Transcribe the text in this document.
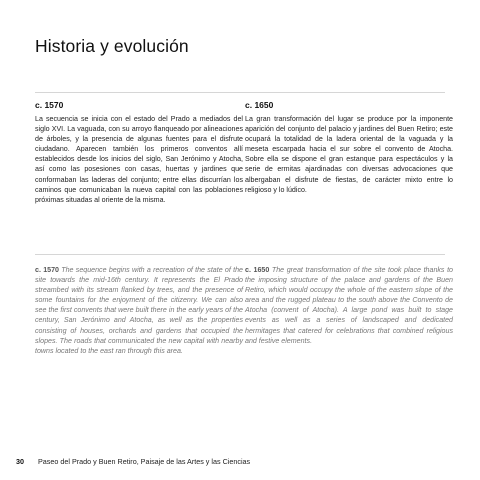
Historia y evolución

c. 1570

La secuencia se inicia con el estado del Prado a mediados del siglo XVI. La vaguada, con su arroyo flanqueado por alineaciones de árboles, y la presencia de algunas fuentes para el disfrute ciudadano. Aparecen también los primeros conventos allí establecidos desde los inicios del siglo, San Jerónimo y Atocha, así como las posesiones con casas, huertas y jardines que conformaban las laderas del conjunto; entre ellas discurrían los caminos que comunicaban la nueva capital con las poblaciones próximas situadas al oriente de la misma.

c. 1650

La gran transformación del lugar se produce por la imponente aparición del conjunto del palacio y jardines del Buen Retiro; este ocupará la totalidad de la ladera oriental de la vaguada y la meseta escarpada hacia el sur sobre el convento de Atocha. Sobre ella se dispone el gran estanque para espectáculos y la serie de ermitas ajardinadas con diversas advocaciones que albergaban el disfrute de fiestas, de carácter mixto entre lo religioso y lo lúdico.

c. 1570 The sequence begins with a recreation of the state of the site towards the mid-16th century. It represents the El Prado streambed with its stream flanked by trees, and the presence of some fountains for the enjoyment of the citizenry. We can also see the first convents that were built there in the early years of the century, San Jerónimo and Atocha, as well as the properties consisting of houses, orchards and gardens that occupied the slopes. The roads that communicated the new capital with nearby towns located to the east ran through this area.

c. 1650 The great transformation of the site took place thanks to the imposing structure of the palace and gardens of the Buen Retiro, which would occupy the whole of the eastern slope of the area and the rugged plateau to the south above the Convento de Atocha (convent of Atocha). A large pond was built to stage events as well as a series of landscaped and dedicated hermitages that catered for celebrations that combined religious and festive elements.

30 Paseo del Prado y Buen Retiro, Paisaje de las Artes y las Ciencias
